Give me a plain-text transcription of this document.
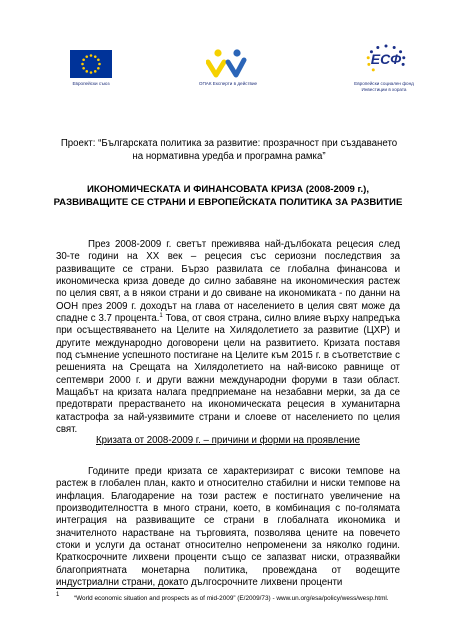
Европейски съюз	ОПАК Експерти в действие
ЕСФ
Европейски социален фонд
Инвестиции в хората
Проект: “Българската политика за развитие: прозрачност при създаването на нормативна уредба и програмна рамка”
ИКОНОМИЧЕСКАТА И ФИНАНСОВАТА КРИЗА (2008-2009 г.), РАЗВИВАЩИТЕ СЕ СТРАНИ И ЕВРОПЕЙСКАТА ПОЛИТИКА ЗА РАЗВИТИЕ

През 2008-2009 г. светът преживява най-дълбоката рецесия след 30-те години на XX век – рецесия със сериозни последствия за развиващите се страни. Бързо развилата се глобална финансова и икономическа криза доведе до силно забавяне на икономическия растеж по целия свят, а в някои страни и до свиване на икономиката - по данни на ООН през 2009 г. доходът на глава от населението в целия свят може да спадне с 3.7 процента.$^1$ Това, от своя страна, силно влияе върху напредъка при осъществяването на Целите на Хилядолетието за развитие (ЦХР) и другите международно договорени цели на развитието. Кризата поставя под съмнение успешното постигане на Целите към 2015 г. в съответствие с решенията на Срещата на Хилядолетието на най-високо равнище от септември 2000 г. и други важни международни форуми в тази област. Мащабът на кризата налага предприемане на незабавни мерки, за да се предотврати прерастването на икономическата рецесия в хуманитарна катастрофа за най-уязвимите страни и слоеве от населението по целия свят.

Кризата от 2008-2009 г. – причини и форми на проявление

Годините преди кризата се характеризират с високи темпове на растеж в глобален план, както и относително стабилни и ниски темпове на инфлация. Благодарение на този растеж е постигнато увеличение на производителността в много страни, което, в комбинация с по-голямата интеграция на развиващите се страни в глобалната икономика и значителното нарастване на търговията, позволява цените на повечето стоки и услуги да останат относително непроменени за няколко години. Краткосрочните лихвени проценти също се запазват ниски, отразявайки благоприятната монетарна политика, провеждана от водещите индустриални страни, докато дългосрочните лихвени проценти

1 “World economic situation and prospects as of mid-2009” (E/2009/73) - www.un.org/esa/policy/wess/wesp.html.
